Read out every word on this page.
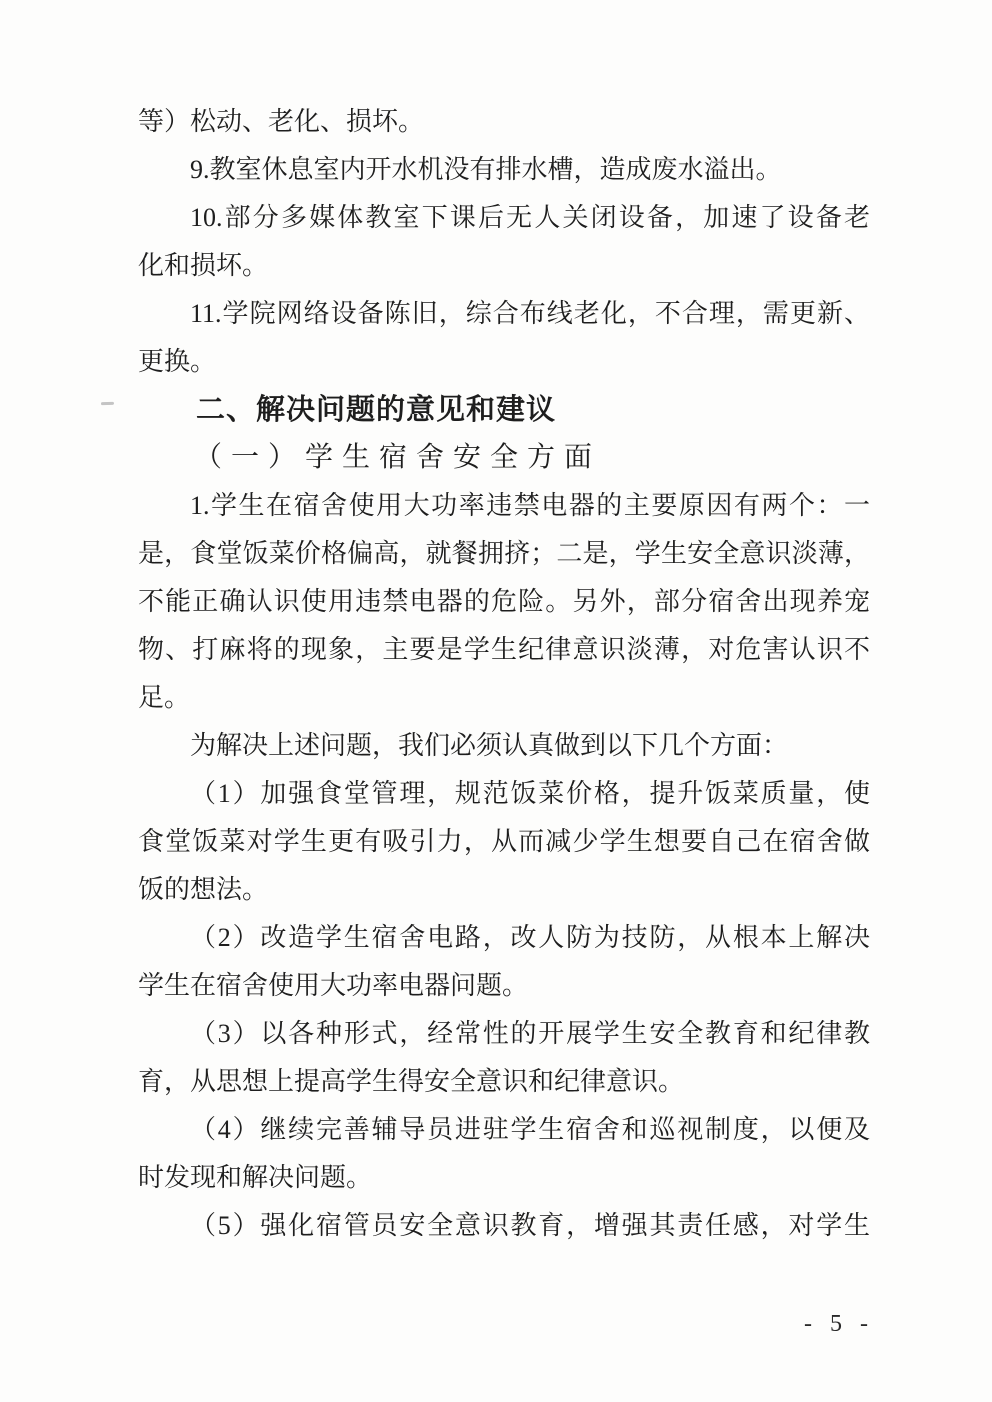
等）松动、老化、损坏。
9.教室休息室内开水机没有排水槽，造成废水溢出。
10.部分多媒体教室下课后无人关闭设备，加速了设备老
化和损坏。
11.学院网络设备陈旧，综合布线老化，不合理，需更新、
更换。
二、解决问题的意见和建议
（一）学生宿舍安全方面
1.学生在宿舍使用大功率违禁电器的主要原因有两个：一
是，食堂饭菜价格偏高，就餐拥挤；二是，学生安全意识淡薄，
不能正确认识使用违禁电器的危险。另外，部分宿舍出现养宠
物、打麻将的现象，主要是学生纪律意识淡薄，对危害认识不
足。
为解决上述问题，我们必须认真做到以下几个方面：
（1）加强食堂管理，规范饭菜价格，提升饭菜质量，使
食堂饭菜对学生更有吸引力，从而减少学生想要自己在宿舍做
饭的想法。
（2）改造学生宿舍电路，改人防为技防，从根本上解决
学生在宿舍使用大功率电器问题。
（3）以各种形式，经常性的开展学生安全教育和纪律教
育，从思想上提高学生得安全意识和纪律意识。
（4）继续完善辅导员进驻学生宿舍和巡视制度，以便及
时发现和解决问题。
（5）强化宿管员安全意识教育，增强其责任感，对学生
- 5 -
